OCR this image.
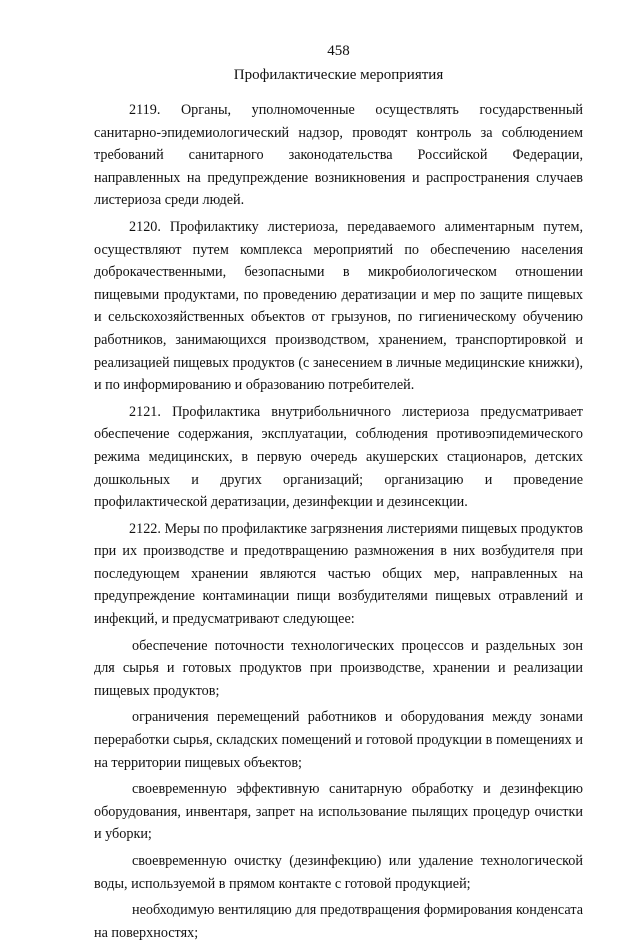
458
Профилактические мероприятия

2119. Органы, уполномоченные осуществлять государственный санитарно-эпидемиологический надзор, проводят контроль за соблюдением требований санитарного законодательства Российской Федерации, направленных на предупреждение возникновения и распространения случаев листериоза среди людей.

2120. Профилактику листериоза, передаваемого алиментарным путем, осуществляют путем комплекса мероприятий по обеспечению населения доброкачественными, безопасными в микробиологическом отношении пищевыми продуктами, по проведению дератизации и мер по защите пищевых и сельскохозяйственных объектов от грызунов, по гигиеническому обучению работников, занимающихся производством, хранением, транспортировкой и реализацией пищевых продуктов (с занесением в личные медицинские книжки), и по информированию и образованию потребителей.

2121. Профилактика внутрибольничного листериоза предусматривает обеспечение содержания, эксплуатации, соблюдения противоэпидемического режима медицинских, в первую очередь акушерских стационаров, детских дошкольных и других организаций; организацию и проведение профилактической дератизации, дезинфекции и дезинсекции.

2122. Меры по профилактике загрязнения листериями пищевых продуктов при их производстве и предотвращению размножения в них возбудителя при последующем хранении являются частью общих мер, направленных на предупреждение контаминации пищи возбудителями пищевых отравлений и инфекций, и предусматривают следующее:

обеспечение поточности технологических процессов и раздельных зон для сырья и готовых продуктов при производстве, хранении и реализации пищевых продуктов;

ограничения перемещений работников и оборудования между зонами переработки сырья, складских помещений и готовой продукции в помещениях и на территории пищевых объектов;

своевременную эффективную санитарную обработку и дезинфекцию оборудования, инвентаря, запрет на использование пылящих процедур очистки и уборки;

своевременную очистку (дезинфекцию) или удаление технологической воды, используемой в прямом контакте с готовой продукцией;

необходимую вентиляцию для предотвращения формирования конденсата на поверхностях;
